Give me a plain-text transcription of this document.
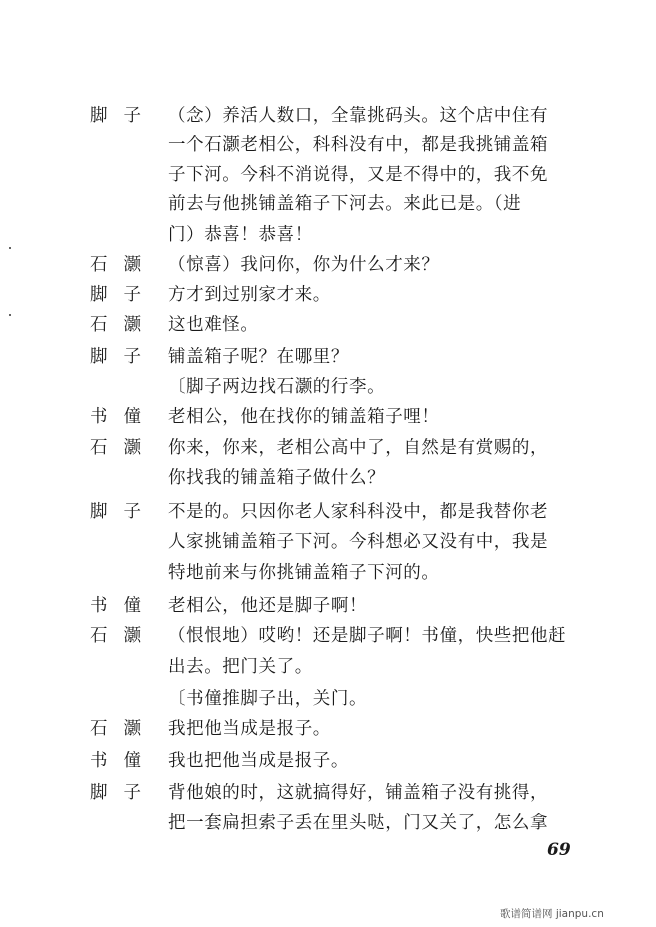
脚子 （念）养活人数口，全靠挑码头。这个店中住有
一个石灏老相公，科科没有中，都是我挑铺盖箱
子下河。今科不消说得，又是不得中的，我不免
前去与他挑铺盖箱子下河去。来此已是。（进
门）恭喜！恭喜！
石灏 （惊喜）我问你，你为什么才来？
脚子 方才到过别家才来。
石灏 这也难怪。
脚子 铺盖箱子呢？在哪里？
〔脚子两边找石灏的行李。
书僮 老相公，他在找你的铺盖箱子哩！
石灏 你来，你来，老相公高中了，自然是有赏赐的，
你找我的铺盖箱子做什么？
脚子 不是的。只因你老人家科科没中，都是我替你老
人家挑铺盖箱子下河。今科想必又没有中，我是
特地前来与你挑铺盖箱子下河的。
书僮 老相公，他还是脚子啊！
石灏 （恨恨地）哎哟！还是脚子啊！书僮，快些把他赶
出去。把门关了。
〔书僮推脚子出，关门。
石灏 我把他当成是报子。
书僮 我也把他当成是报子。
脚子 背他娘的时，这就搞得好，铺盖箱子没有挑得，
把一套扁担索子丢在里头哒，门又关了，怎么拿
69
歌谱简谱网 jianpu.cn
